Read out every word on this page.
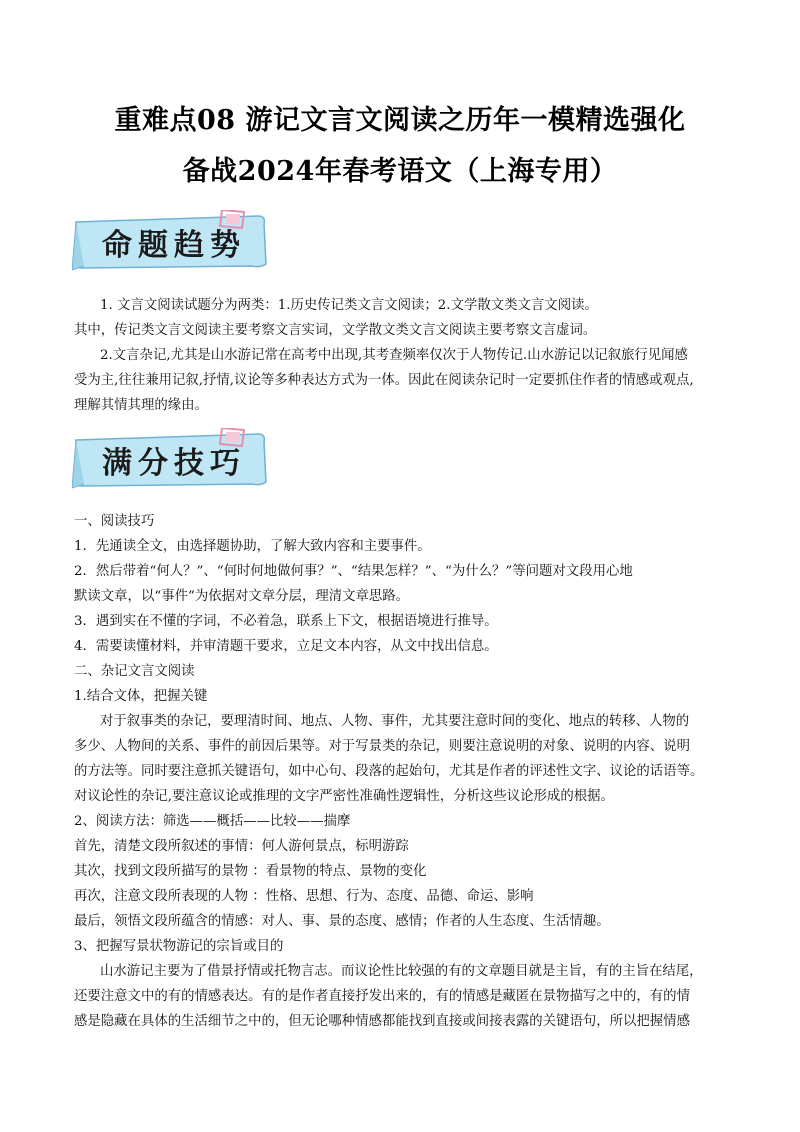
重难点08 游记文言文阅读之历年一模精选强化
备战2024年春考语文（上海专用）
命题趋势
1. 文言文阅读试题分为两类：1.历史传记类文言文阅读；2.文学散文类文言文阅读。
其中，传记类文言文阅读主要考察文言实词，文学散文类文言文阅读主要考察文言虚词。
2.文言杂记,尤其是山水游记常在高考中出现,其考查频率仅次于人物传记.山水游记以记叙旅行见闻感
受为主,往往兼用记叙,抒情,议论等多种表达方式为一体。因此在阅读杂记时一定要抓住作者的情感或观点,
理解其情其理的缘由。
满分技巧
一、阅读技巧
1．先通读全文，由选择题协助，了解大致内容和主要事件。
2．然后带着“何人？”、“何时何地做何事？”、“结果怎样？”、“为什么？”等问题对文段用心地
默读文章，以“事件”为依据对文章分层，理清文章思路。
3．遇到实在不懂的字词，不必着急，联系上下文，根据语境进行推导。
4．需要读懂材料，并审清题干要求，立足文本内容，从文中找出信息。
二、杂记文言文阅读
1.结合文体，把握关键
对于叙事类的杂记，要理清时间、地点、人物、事件，尤其要注意时间的变化、地点的转移、人物的
多少、人物间的关系、事件的前因后果等。对于写景类的杂记，则要注意说明的对象、说明的内容、说明
的方法等。同时要注意抓关键语句，如中心句、段落的起始句，尤其是作者的评述性文字、议论的话语等。
对议论性的杂记,要注意议论或推理的文字严密性准确性逻辑性，分析这些议论形成的根据。
2、阅读方法：筛选——概括——比较——揣摩
首先，清楚文段所叙述的事情：何人游何景点，标明游踪
其次，找到文段所描写的景物 ：看景物的特点、景物的变化
再次，注意文段所表现的人物 ：性格、思想、行为、态度、品德、命运、影响
最后，领悟文段所蕴含的情感：对人、事、景的态度、感情；作者的人生态度、生活情趣。
3、把握写景状物游记的宗旨或目的
山水游记主要为了借景抒情或托物言志。而议论性比较强的有的文章题目就是主旨，有的主旨在结尾，
还要注意文中的有的情感表达。有的是作者直接抒发出来的，有的情感是藏匿在景物描写之中的，有的情
感是隐藏在具体的生活细节之中的，但无论哪种情感都能找到直接或间接表露的关键语句，所以把握情感
